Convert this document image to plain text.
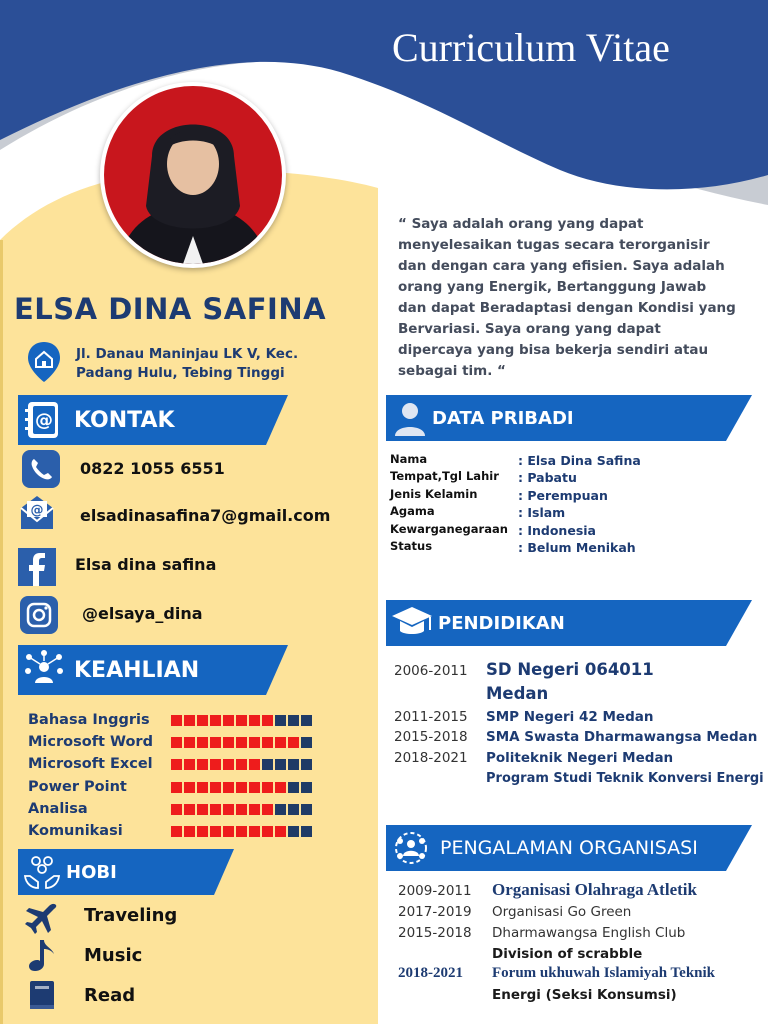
Curriculum Vitae
ELSA DINA SAFINA
Jl. Danau Maninjau LK V, Kec.
Padang Hulu, Tebing Tinggi
@ KONTAK
0822 1055 6551
@ elsadinasafina7@gmail.com
Elsa dina safina
@elsaya_dina
KEAHLIAN
Bahasa Inggris
Microsoft Word
Microsoft Excel
Power Point
Analisa
Komunikasi
HOBI
Traveling
Music
Read
“ Saya adalah orang yang dapat menyelesaikan tugas secara terorganisir dan dengan cara yang efisien. Saya adalah orang yang Energik, Bertanggung Jawab dan dapat Beradaptasi dengan Kondisi yang Bervariasi. Saya orang yang dapat dipercaya yang bisa bekerja sendiri atau sebagai tim. “
DATA PRIBADI
Nama	: Elsa Dina Safina
Tempat,Tgl Lahir : Pabatu
Jenis Kelamin	: Perempuan
Agama	: Islam
Kewarganegaraan : Indonesia
Status	: Belum Menikah
PENDIDIKAN
2006-2011 SD Negeri 064011
Medan
2011-2015 SMP Negeri 42 Medan
2015-2018 SMA Swasta Dharmawangsa Medan
2018-2021 Politeknik Negeri Medan
Program Studi Teknik Konversi Energi
PENGALAMAN ORGANISASI
2009-2011 Organisasi Olahraga Atletik
2017-2019 Organisasi Go Green
2015-2018 Dharmawangsa English Club
Division of scrabble
2018-2021 Forum ukhuwah Islamiyah Teknik
Energi (Seksi Konsumsi)
